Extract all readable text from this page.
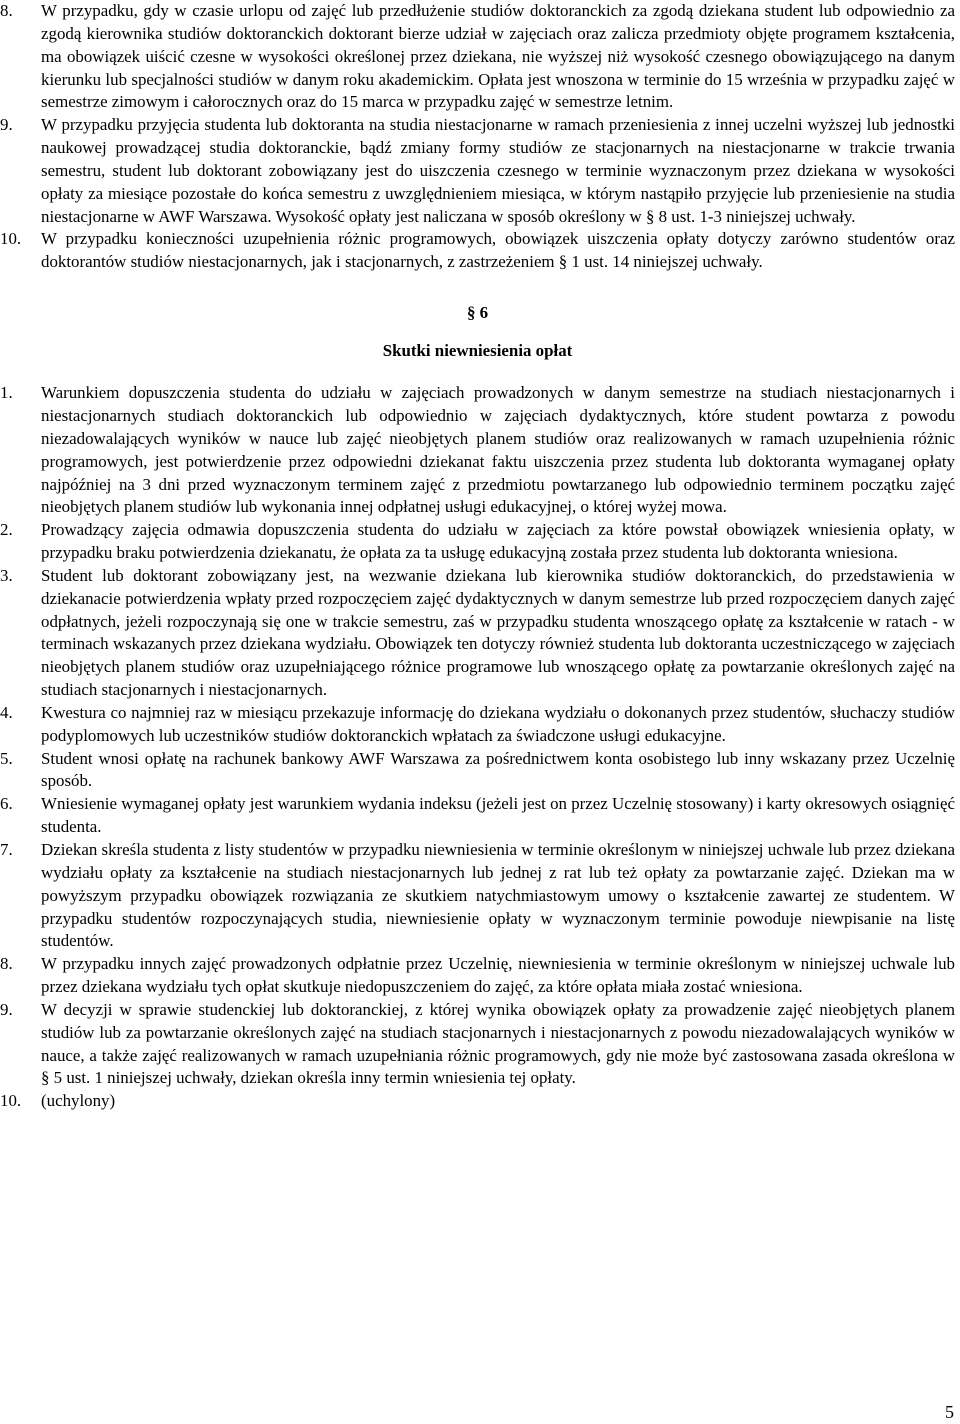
8. W przypadku, gdy w czasie urlopu od zajęć lub przedłużenie studiów doktoranckich za zgodą dziekana student lub odpowiednio za zgodą kierownika studiów doktoranckich doktorant bierze udział w zajęciach oraz zalicza przedmioty objęte programem kształcenia, ma obowiązek uiścić czesne w wysokości określonej przez dziekana, nie wyższej niż wysokość czesnego obowiązującego na danym kierunku lub specjalności studiów w danym roku akademickim. Opłata jest wnoszona w terminie do 15 września w przypadku zajęć w semestrze zimowym i całorocznych oraz do 15 marca w przypadku zajęć w semestrze letnim.
9. W przypadku przyjęcia studenta lub doktoranta na studia niestacjonarne w ramach przeniesienia z innej uczelni wyższej lub jednostki naukowej prowadzącej studia doktoranckie, bądź zmiany formy studiów ze stacjonarnych na niestacjonarne w trakcie trwania semestru, student lub doktorant zobowiązany jest do uiszczenia czesnego w terminie wyznaczonym przez dziekana w wysokości opłaty za miesiące pozostałe do końca semestru z uwzględnieniem miesiąca, w którym nastąpiło przyjęcie lub przeniesienie na studia niestacjonarne w AWF Warszawa. Wysokość opłaty jest naliczana w sposób określony w § 8 ust. 1-3 niniejszej uchwały.
10. W przypadku konieczności uzupełnienia różnic programowych, obowiązek uiszczenia opłaty dotyczy zarówno studentów oraz doktorantów studiów niestacjonarnych, jak i stacjonarnych, z zastrzeżeniem § 1 ust. 14 niniejszej uchwały.
§ 6
Skutki niewniesienia opłat
1. Warunkiem dopuszczenia studenta do udziału w zajęciach prowadzonych w danym semestrze na studiach niestacjonarnych i niestacjonarnych studiach doktoranckich lub odpowiednio w zajęciach dydaktycznych, które student powtarza z powodu niezadowalających wyników w nauce lub zajęć nieobjętych planem studiów oraz realizowanych w ramach uzupełnienia różnic programowych, jest potwierdzenie przez odpowiedni dziekanat faktu uiszczenia przez studenta lub doktoranta wymaganej opłaty najpóźniej na 3 dni przed wyznaczonym terminem zajęć z przedmiotu powtarzanego lub odpowiednio terminem początku zajęć nieobjętych planem studiów lub wykonania innej odpłatnej usługi edukacyjnej, o której wyżej mowa.
2. Prowadzący zajęcia odmawia dopuszczenia studenta do udziału w zajęciach za które powstał obowiązek wniesienia opłaty, w przypadku braku potwierdzenia dziekanatu, że opłata za ta usługę edukacyjną została przez studenta lub doktoranta wniesiona.
3. Student lub doktorant zobowiązany jest, na wezwanie dziekana lub kierownika studiów doktoranckich, do przedstawienia w dziekanacie potwierdzenia wpłaty przed rozpoczęciem zajęć dydaktycznych w danym semestrze lub przed rozpoczęciem danych zajęć odpłatnych, jeżeli rozpoczynają się one w trakcie semestru, zaś w przypadku studenta wnoszącego opłatę za kształcenie w ratach - w terminach wskazanych przez dziekana wydziału. Obowiązek ten dotyczy również studenta lub doktoranta uczestniczącego w zajęciach nieobjętych planem studiów oraz uzupełniającego różnice programowe lub wnoszącego opłatę za powtarzanie określonych zajęć na studiach stacjonarnych i niestacjonarnych.
4. Kwestura co najmniej raz w miesiącu przekazuje informację do dziekana wydziału o dokonanych przez studentów, słuchaczy studiów podyplomowych lub uczestników studiów doktoranckich wpłatach za świadczone usługi edukacyjne.
5. Student wnosi opłatę na rachunek bankowy AWF Warszawa za pośrednictwem konta osobistego lub inny wskazany przez Uczelnię sposób.
6. Wniesienie wymaganej opłaty jest warunkiem wydania indeksu (jeżeli jest on przez Uczelnię stosowany) i karty okresowych osiągnięć studenta.
7. Dziekan skreśla studenta z listy studentów w przypadku niewniesienia w terminie określonym w niniejszej uchwale lub przez dziekana wydziału opłaty za kształcenie na studiach niestacjonarnych lub jednej z rat lub też opłaty za powtarzanie zajęć. Dziekan ma w powyższym przypadku obowiązek rozwiązania ze skutkiem natychmiastowym umowy o kształcenie zawartej ze studentem. W przypadku studentów rozpoczynających studia, niewniesienie opłaty w wyznaczonym terminie powoduje niewpisanie na listę studentów.
8. W przypadku innych zajęć prowadzonych odpłatnie przez Uczelnię, niewniesienia w terminie określonym w niniejszej uchwale lub przez dziekana wydziału tych opłat skutkuje niedopuszczeniem do zajęć, za które opłata miała zostać wniesiona.
9. W decyzji w sprawie studenckiej lub doktoranckiej, z której wynika obowiązek opłaty za prowadzenie zajęć nieobjętych planem studiów lub za powtarzanie określonych zajęć na studiach stacjonarnych i niestacjonarnych z powodu niezadowalających wyników w nauce, a także zajęć realizowanych w ramach uzupełniania różnic programowych, gdy nie może być zastosowana zasada określona w § 5 ust. 1 niniejszej uchwały, dziekan określa inny termin wniesienia tej opłaty.
10. (uchylony)
5
